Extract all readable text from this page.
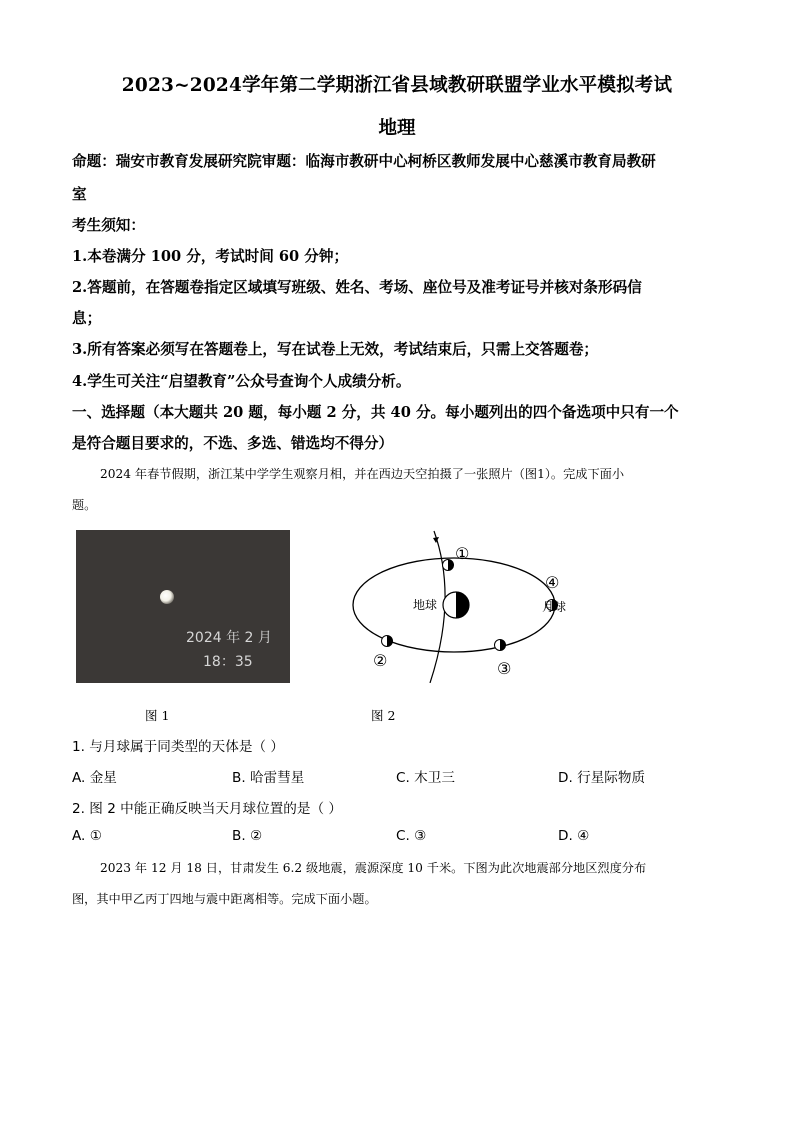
2023~2024学年第二学期浙江省县域教研联盟学业水平模拟考试
地理
命题：瑞安市教育发展研究院审题：临海市教研中心柯桥区教师发展中心慈溪市教育局教研
室
考生须知：
1.本卷满分 100 分，考试时间 60 分钟；
2.答题前，在答题卷指定区域填写班级、姓名、考场、座位号及准考证号并核对条形码信
息；
3.所有答案必须写在答题卷上，写在试卷上无效，考试结束后，只需上交答题卷；
4.学生可关注“启望教育”公众号查询个人成绩分析。
一、选择题（本大题共 20 题，每小题 2 分，共 40 分。每小题列出的四个备选项中只有一个
是符合题目要求的，不选、多选、错选均不得分）
2024 年春节假期，浙江某中学学生观察月相，并在西边天空拍摄了一张照片（图1）。完成下面小
题。
2024 年 2 月
18：35
地球	月球
①
④
②	③
图 1	图 2
1. 与月球属于同类型的天体是（ ）
A. 金星	B. 哈雷彗星	C. 木卫三	D. 行星际物质
2. 图 2 中能正确反映当天月球位置的是（ ）
A. ①	B. ②	C. ③	D. ④
2023 年 12 月 18 日，甘肃发生 6.2 级地震，震源深度 10 千米。下图为此次地震部分地区烈度分布
图，其中甲乙丙丁四地与震中距离相等。完成下面小题。
